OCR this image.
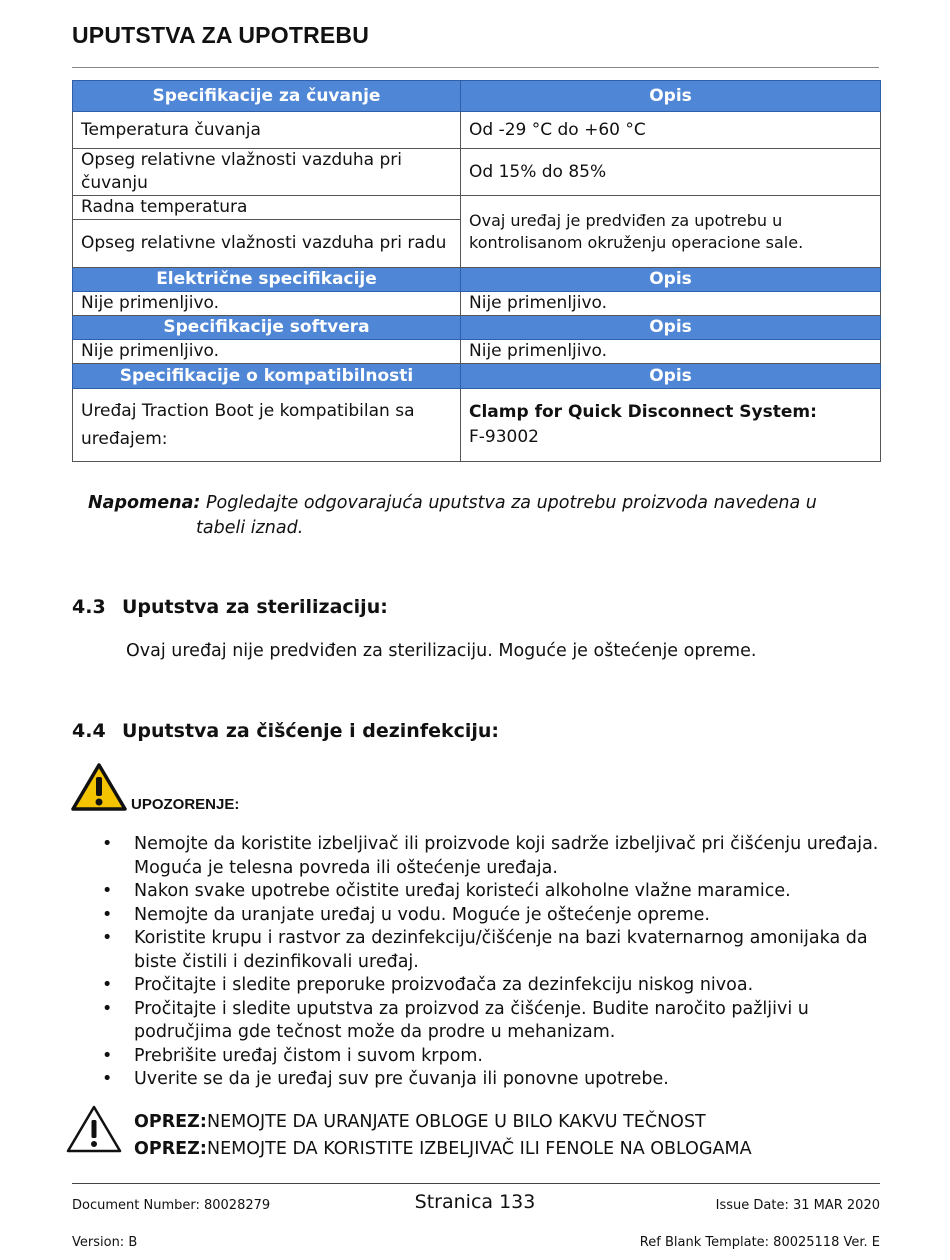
UPUTSTVA ZA UPOTREBU
Specifikacije za čuvanje	Opis
Temperatura čuvanja	Od -29 °C do +60 °C
Opseg relativne vlažnosti vazduha pri čuvanju	Od 15% do 85%
Radna temperatura	Ovaj uređaj je predviđen za upotrebu u kontrolisanom okruženju operacione sale.
Opseg relativne vlažnosti vazduha pri radu	
Električne specifikacije	Opis
Nije primenljivo.	Nije primenljivo.
Specifikacije softvera	Opis
Nije primenljivo.	Nije primenljivo.
Specifikacije o kompatibilnosti	Opis
Uređaj Traction Boot je kompatibilan sa uređajem:	Clamp for Quick Disconnect System:
F-93002
Napomena: Pogledajte odgovarajuća uputstva za upotrebu proizvoda navedena u
tabeli iznad.
4.3 Uputstva za sterilizaciju:
Ovaj uređaj nije predviđen za sterilizaciju. Moguće je oštećenje opreme.
4.4 Uputstva za čišćenje i dezinfekciju:
UPOZORENJE:
• Nemojte da koristite izbeljivač ili proizvode koji sadrže izbeljivač pri čišćenju uređaja. Moguća je telesna povreda ili oštećenje uređaja.
• Nakon svake upotrebe očistite uređaj koristeći alkoholne vlažne maramice.
• Nemojte da uranjate uređaj u vodu. Moguće je oštećenje opreme.
• Koristite krupu i rastvor za dezinfekciju/čišćenje na bazi kvaternarnog amonijaka da biste čistili i dezinfikovali uređaj.
• Pročitajte i sledite preporuke proizvođača za dezinfekciju niskog nivoa.
• Pročitajte i sledite uputstva za proizvod za čišćenje. Budite naročito pažljivi u područjima gde tečnost može da prodre u mehanizam.
• Prebrišite uređaj čistom i suvom krpom.
• Uverite se da je uređaj suv pre čuvanja ili ponovne upotrebe.
OPREZ:NEMOJTE DA URANJATE OBLOGE U BILO KAKVU TEČNOST
OPREZ:NEMOJTE DA KORISTITE IZBELJIVAČ ILI FENOLE NA OBLOGAMA
Document Number: 80028279	Stranica 133	Issue Date: 31 MAR 2020
Version: B	Ref Blank Template: 80025118 Ver. E
